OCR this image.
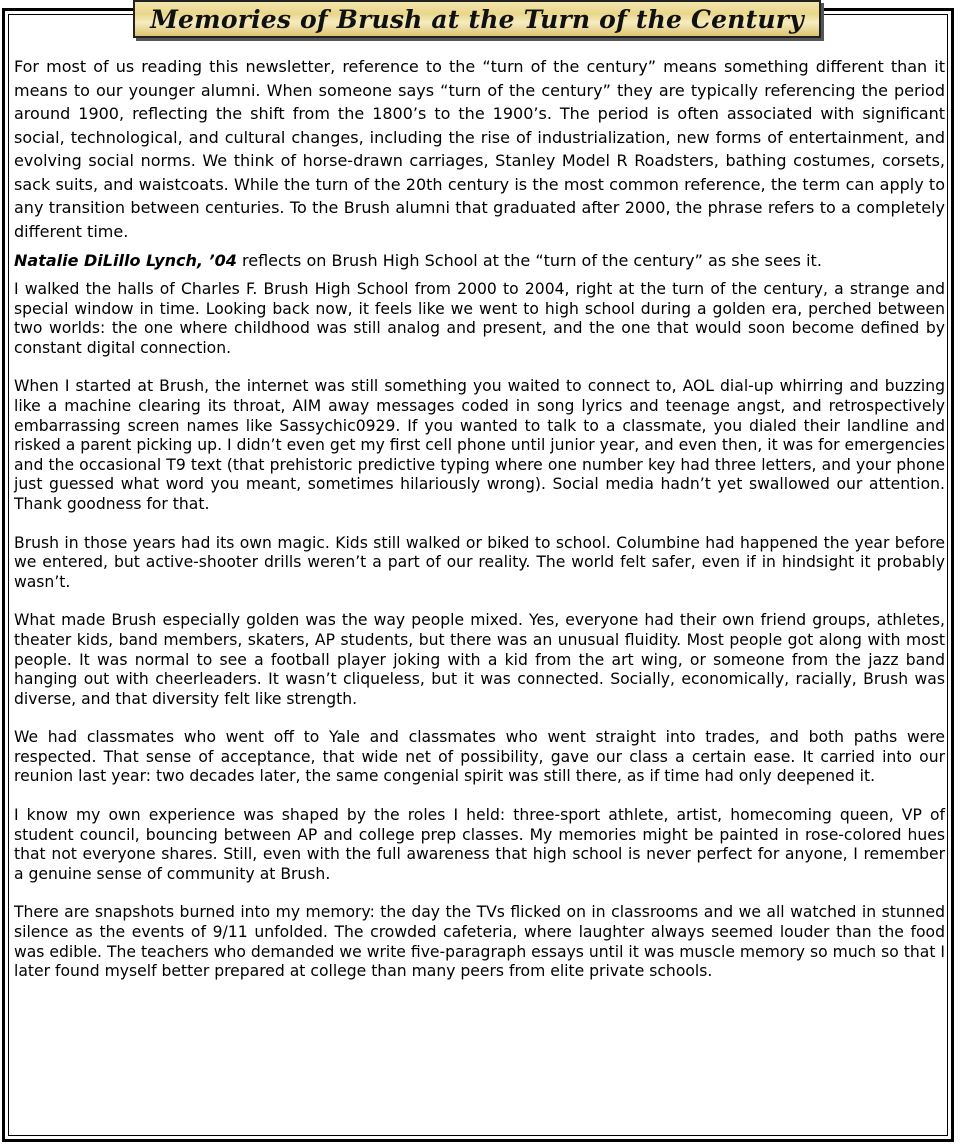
Memories of Brush at the Turn of the Century

For most of us reading this newsletter, reference to the “turn of the century” means something different than it means to our younger alumni. When someone says “turn of the century” they are typically referencing the period around 1900, reflecting the shift from the 1800’s to the 1900’s. The period is often associated with significant social, technological, and cultural changes, including the rise of industrialization, new forms of entertainment, and evolving social norms. We think of horse-drawn carriages, Stanley Model R Roadsters, bathing costumes, corsets, sack suits, and waistcoats. While the turn of the 20th century is the most common reference, the term can apply to any transition between centuries. To the Brush alumni that graduated after 2000, the phrase refers to a completely different time.

Natalie DiLillo Lynch, ’04 reflects on Brush High School at the “turn of the century” as she sees it.

I walked the halls of Charles F. Brush High School from 2000 to 2004, right at the turn of the century, a strange and special window in time. Looking back now, it feels like we went to high school during a golden era, perched between two worlds: the one where childhood was still analog and present, and the one that would soon become defined by constant digital connection.

When I started at Brush, the internet was still something you waited to connect to, AOL dial-up whirring and buzzing like a machine clearing its throat, AIM away messages coded in song lyrics and teenage angst, and retrospectively embarrassing screen names like Sassychic0929. If you wanted to talk to a classmate, you dialed their landline and risked a parent picking up. I didn’t even get my first cell phone until junior year, and even then, it was for emergencies and the occasional T9 text (that prehistoric predictive typing where one number key had three letters, and your phone just guessed what word you meant, sometimes hilariously wrong). Social media hadn’t yet swallowed our attention. Thank goodness for that.

Brush in those years had its own magic. Kids still walked or biked to school. Columbine had happened the year before we entered, but active-shooter drills weren’t a part of our reality. The world felt safer, even if in hindsight it probably wasn’t.

What made Brush especially golden was the way people mixed. Yes, everyone had their own friend groups, athletes, theater kids, band members, skaters, AP students, but there was an unusual fluidity. Most people got along with most people. It was normal to see a football player joking with a kid from the art wing, or someone from the jazz band hanging out with cheerleaders. It wasn’t cliqueless, but it was connected. Socially, economically, racially, Brush was diverse, and that diversity felt like strength.

We had classmates who went off to Yale and classmates who went straight into trades, and both paths were respected. That sense of acceptance, that wide net of possibility, gave our class a certain ease. It carried into our reunion last year: two decades later, the same congenial spirit was still there, as if time had only deepened it.

I know my own experience was shaped by the roles I held: three-sport athlete, artist, homecoming queen, VP of student council, bouncing between AP and college prep classes. My memories might be painted in rose-colored hues that not everyone shares. Still, even with the full awareness that high school is never perfect for anyone, I remember a genuine sense of community at Brush.

There are snapshots burned into my memory: the day the TVs flicked on in classrooms and we all watched in stunned silence as the events of 9/11 unfolded. The crowded cafeteria, where laughter always seemed louder than the food was edible. The teachers who demanded we write five-paragraph essays until it was muscle memory so much so that I later found myself better prepared at college than many peers from elite private schools.
